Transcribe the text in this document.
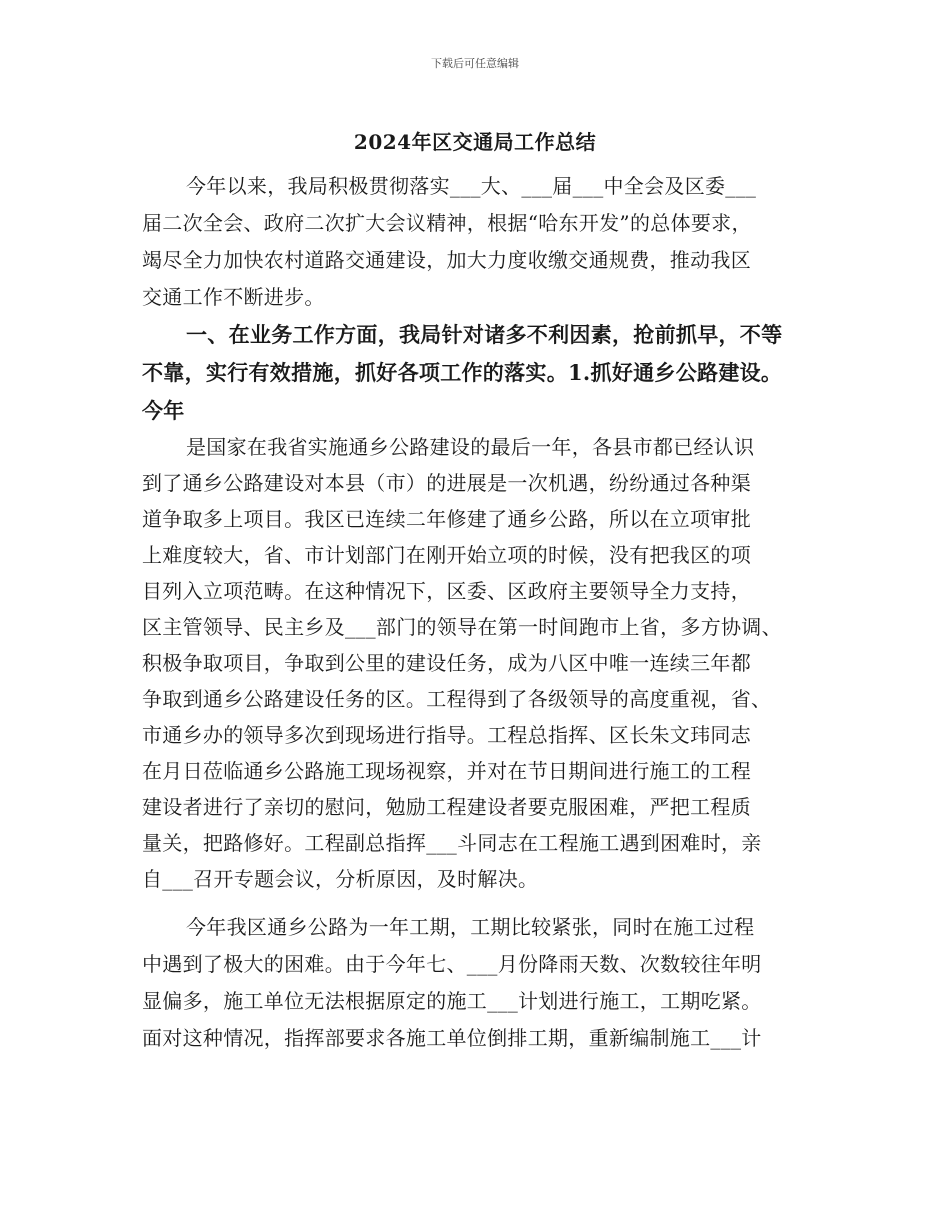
下载后可任意编辑
2024年区交通局工作总结
今年以来，我局积极贯彻落实___大、___届___中全会及区委___
届二次全会、政府二次扩大会议精神，根据“哈东开发”的总体要求，
竭尽全力加快农村道路交通建设，加大力度收缴交通规费，推动我区
交通工作不断进步。
一、在业务工作方面，我局针对诸多不利因素，抢前抓早，不等
不靠，实行有效措施，抓好各项工作的落实。1.抓好通乡公路建设。
今年
是国家在我省实施通乡公路建设的最后一年，各县市都已经认识
到了通乡公路建设对本县（市）的进展是一次机遇，纷纷通过各种渠
道争取多上项目。我区已连续二年修建了通乡公路，所以在立项审批
上难度较大，省、市计划部门在刚开始立项的时候，没有把我区的项
目列入立项范畴。在这种情况下，区委、区政府主要领导全力支持，
区主管领导、民主乡及___部门的领导在第一时间跑市上省，多方协调、
积极争取项目，争取到公里的建设任务，成为八区中唯一连续三年都
争取到通乡公路建设任务的区。工程得到了各级领导的高度重视，省、
市通乡办的领导多次到现场进行指导。工程总指挥、区长朱文玮同志
在月日莅临通乡公路施工现场视察，并对在节日期间进行施工的工程
建设者进行了亲切的慰问，勉励工程建设者要克服困难，严把工程质
量关，把路修好。工程副总指挥___斗同志在工程施工遇到困难时，亲
自___召开专题会议，分析原因，及时解决。
今年我区通乡公路为一年工期，工期比较紧张，同时在施工过程
中遇到了极大的困难。由于今年七、___月份降雨天数、次数较往年明
显偏多，施工单位无法根据原定的施工___计划进行施工，工期吃紧。
面对这种情况，指挥部要求各施工单位倒排工期，重新编制施工___计
